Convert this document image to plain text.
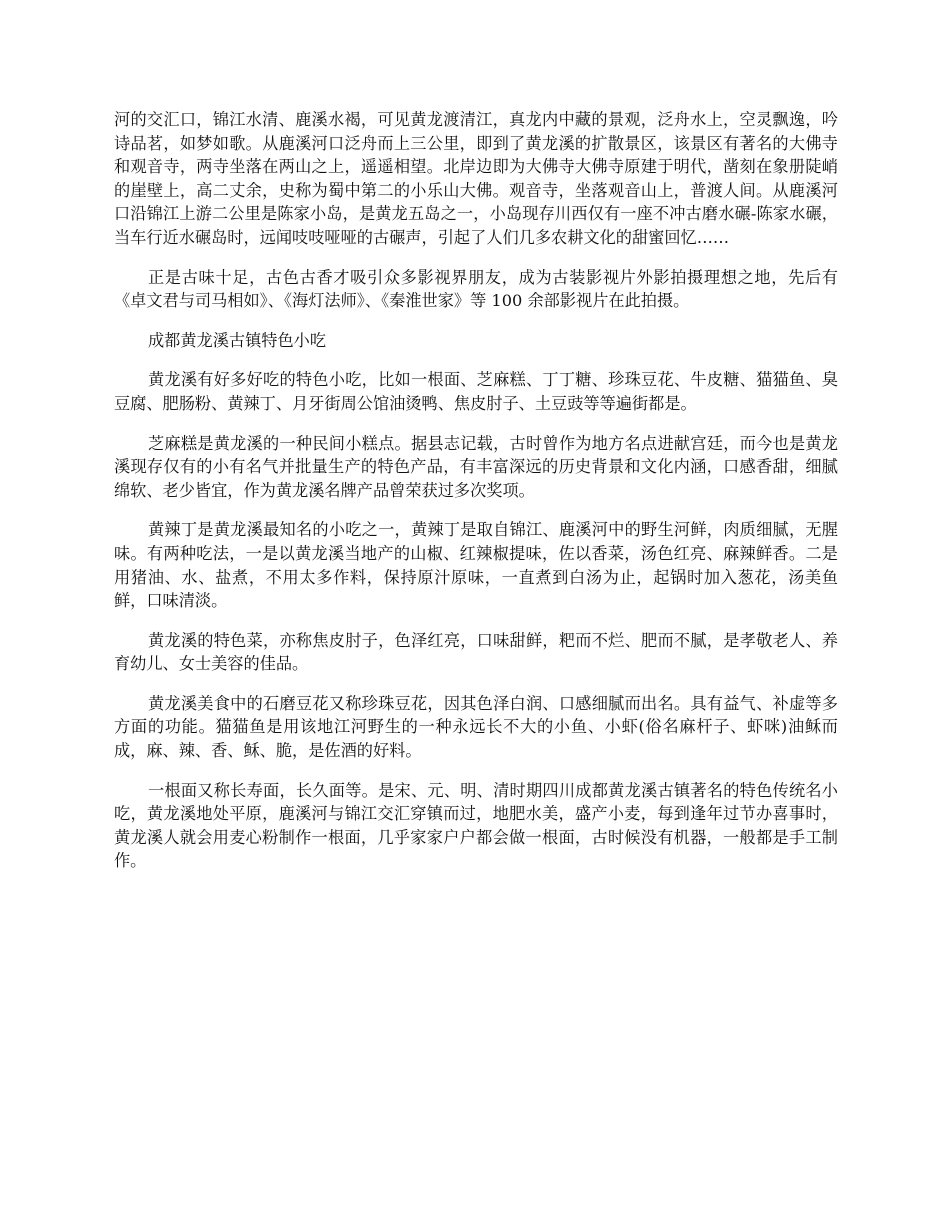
河的交汇口，锦江水清、鹿溪水褐，可见黄龙渡清江，真龙内中藏的景观，泛舟水上，空灵飘逸，吟诗品茗，如梦如歌。从鹿溪河口泛舟而上三公里，即到了黄龙溪的扩散景区，该景区有著名的大佛寺 和观音寺，两寺坐落在两山之上，遥遥相望。北岸边即为大佛寺大佛寺原建于明代，凿刻在象册陡峭的崖壁上，高二丈余，史称为蜀中第二的小乐山大佛。观音寺，坐落观音山上，普渡人间。从鹿溪河口沿锦江上游二公里是陈家小岛，是黄龙五岛之一，小岛现存川西仅有一座不冲古磨水碾-陈家水碾，当车行近水碾岛时，远闻吱吱哑哑的古碾声，引起了人们几多农耕文化的甜蜜回忆……

正是古味十足，古色古香才吸引众多影视界朋友，成为古装影视片外影拍摄理想之地，先后有《卓文君与司马相如》、《海灯法师》、《秦淮世家》等 100 余部影视片在此拍摄。

成都黄龙溪古镇特色小吃

黄龙溪有好多好吃的特色小吃，比如一根面、芝麻糕、丁丁糖、珍珠豆花、牛皮糖、猫猫鱼、臭豆腐、肥肠粉、黄辣丁、月牙街周公馆油烫鸭、焦皮肘子、土豆豉等等遍街都是。

芝麻糕是黄龙溪的一种民间小糕点。据县志记载，古时曾作为地方名点进献宫廷，而今也是黄龙溪现存仅有的小有名气并批量生产的特色产品，有丰富深远的历史背景和文化内涵，口感香甜，细腻绵软、老少皆宜，作为黄龙溪名牌产品曾荣获过多次奖项。

黄辣丁是黄龙溪最知名的小吃之一，黄辣丁是取自锦江、鹿溪河中的野生河鲜，肉质细腻，无腥味。有两种吃法，一是以黄龙溪当地产的山椒、红辣椒提味，佐以香菜，汤色红亮、麻辣鲜香。二是用猪油、水、盐煮，不用太多作料，保持原汁原味，一直煮到白汤为止，起锅时加入葱花，汤美鱼鲜，口味清淡。

黄龙溪的特色菜，亦称焦皮肘子，色泽红亮，口味甜鲜，粑而不烂、肥而不腻，是孝敬老人、养育幼儿、女士美容的佳品。

黄龙溪美食中的石磨豆花又称珍珠豆花，因其色泽白润、口感细腻而出名。具有益气、补虚等多方面的功能。猫猫鱼是用该地江河野生的一种永远长不大的小鱼、小虾(俗名麻杆子、虾咪)油稣而成，麻、辣、香、稣、脆，是佐酒的好料。

一根面又称长寿面，长久面等。是宋、元、明、清时期四川成都黄龙溪古镇著名的特色传统名小吃，黄龙溪地处平原，鹿溪河与锦江交汇穿镇而过，地肥水美，盛产小麦，每到逢年过节办喜事时，黄龙溪人就会用麦心粉制作一根面，几乎家家户户都会做一根面，古时候没有机器，一般都是手工制作。
